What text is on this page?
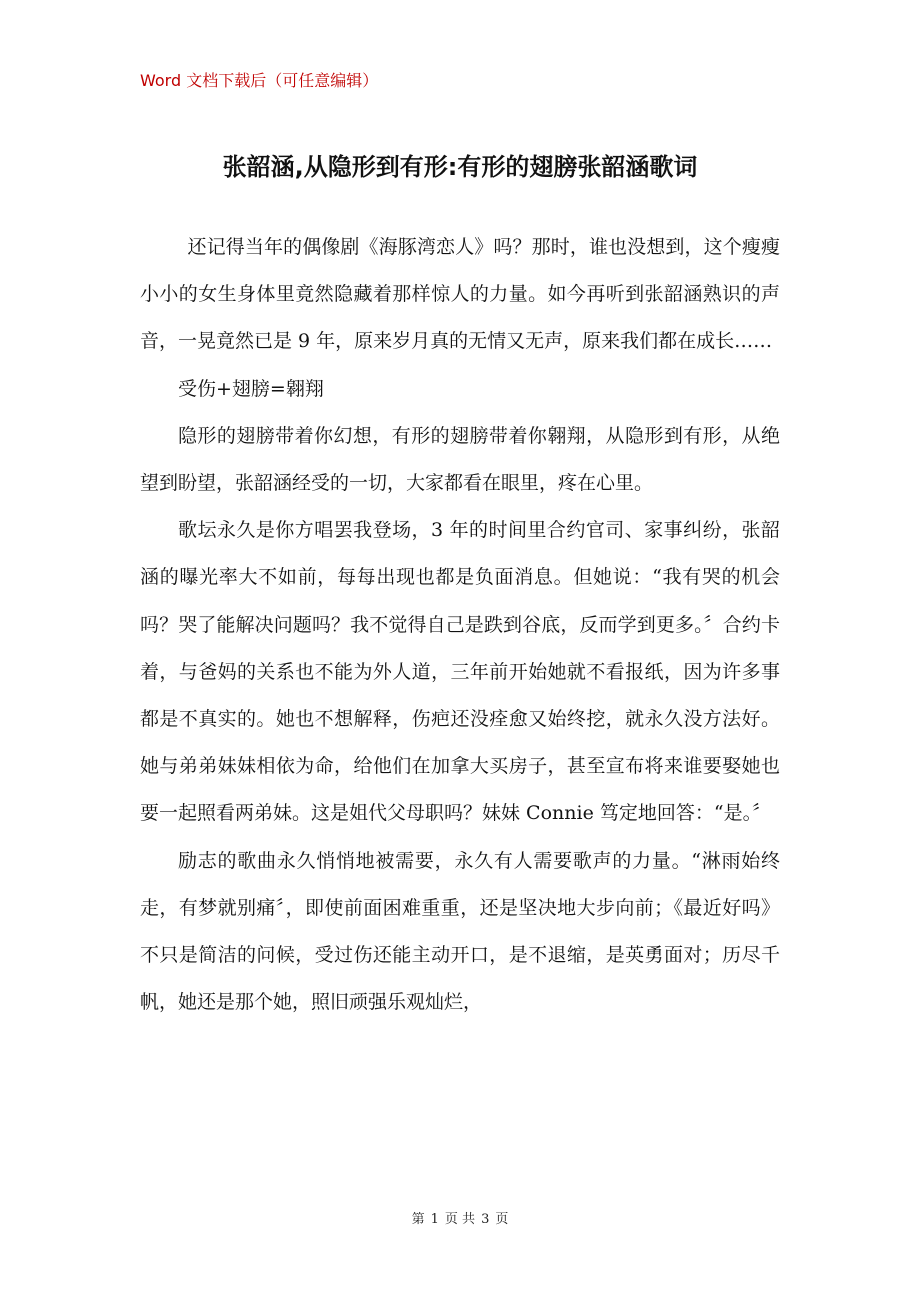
Word 文档下载后（可任意编辑）
张韶涵,从隐形到有形:有形的翅膀张韶涵歌词

还记得当年的偶像剧《海豚湾恋人》吗？那时，谁也没想到，这个瘦瘦小小的女生身体里竟然隐藏着那样惊人的力量。如今再听到张韶涵熟识的声音，一晃竟然已是 9 年，原来岁月真的无情又无声，原来我们都在成长……

受伤+翅膀=翱翔

隐形的翅膀带着你幻想，有形的翅膀带着你翱翔，从隐形到有形，从绝望到盼望，张韶涵经受的一切，大家都看在眼里，疼在心里。

歌坛永久是你方唱罢我登场，3 年的时间里合约官司、家事纠纷，张韶涵的曝光率大不如前，每每出现也都是负面消息。但她说：“我有哭的机会吗？哭了能解决问题吗？我不觉得自己是跌到谷底，反而学到更多。〞合约卡着，与爸妈的关系也不能为外人道，三年前开始她就不看报纸，因为许多事都是不真实的。她也不想解释，伤疤还没痊愈又始终挖，就永久没方法好。她与弟弟妹妹相依为命，给他们在加拿大买房子，甚至宣布将来谁要娶她也要一起照看两弟妹。这是姐代父母职吗？妹妹 Connie 笃定地回答：“是。〞

励志的歌曲永久悄悄地被需要，永久有人需要歌声的力量。“淋雨始终走，有梦就别痛〞，即使前面困难重重，还是坚决地大步向前；《最近好吗》不只是简洁的问候，受过伤还能主动开口，是不退缩，是英勇面对；历尽千帆，她还是那个她，照旧顽强乐观灿烂，

第 1 页 共 3 页
